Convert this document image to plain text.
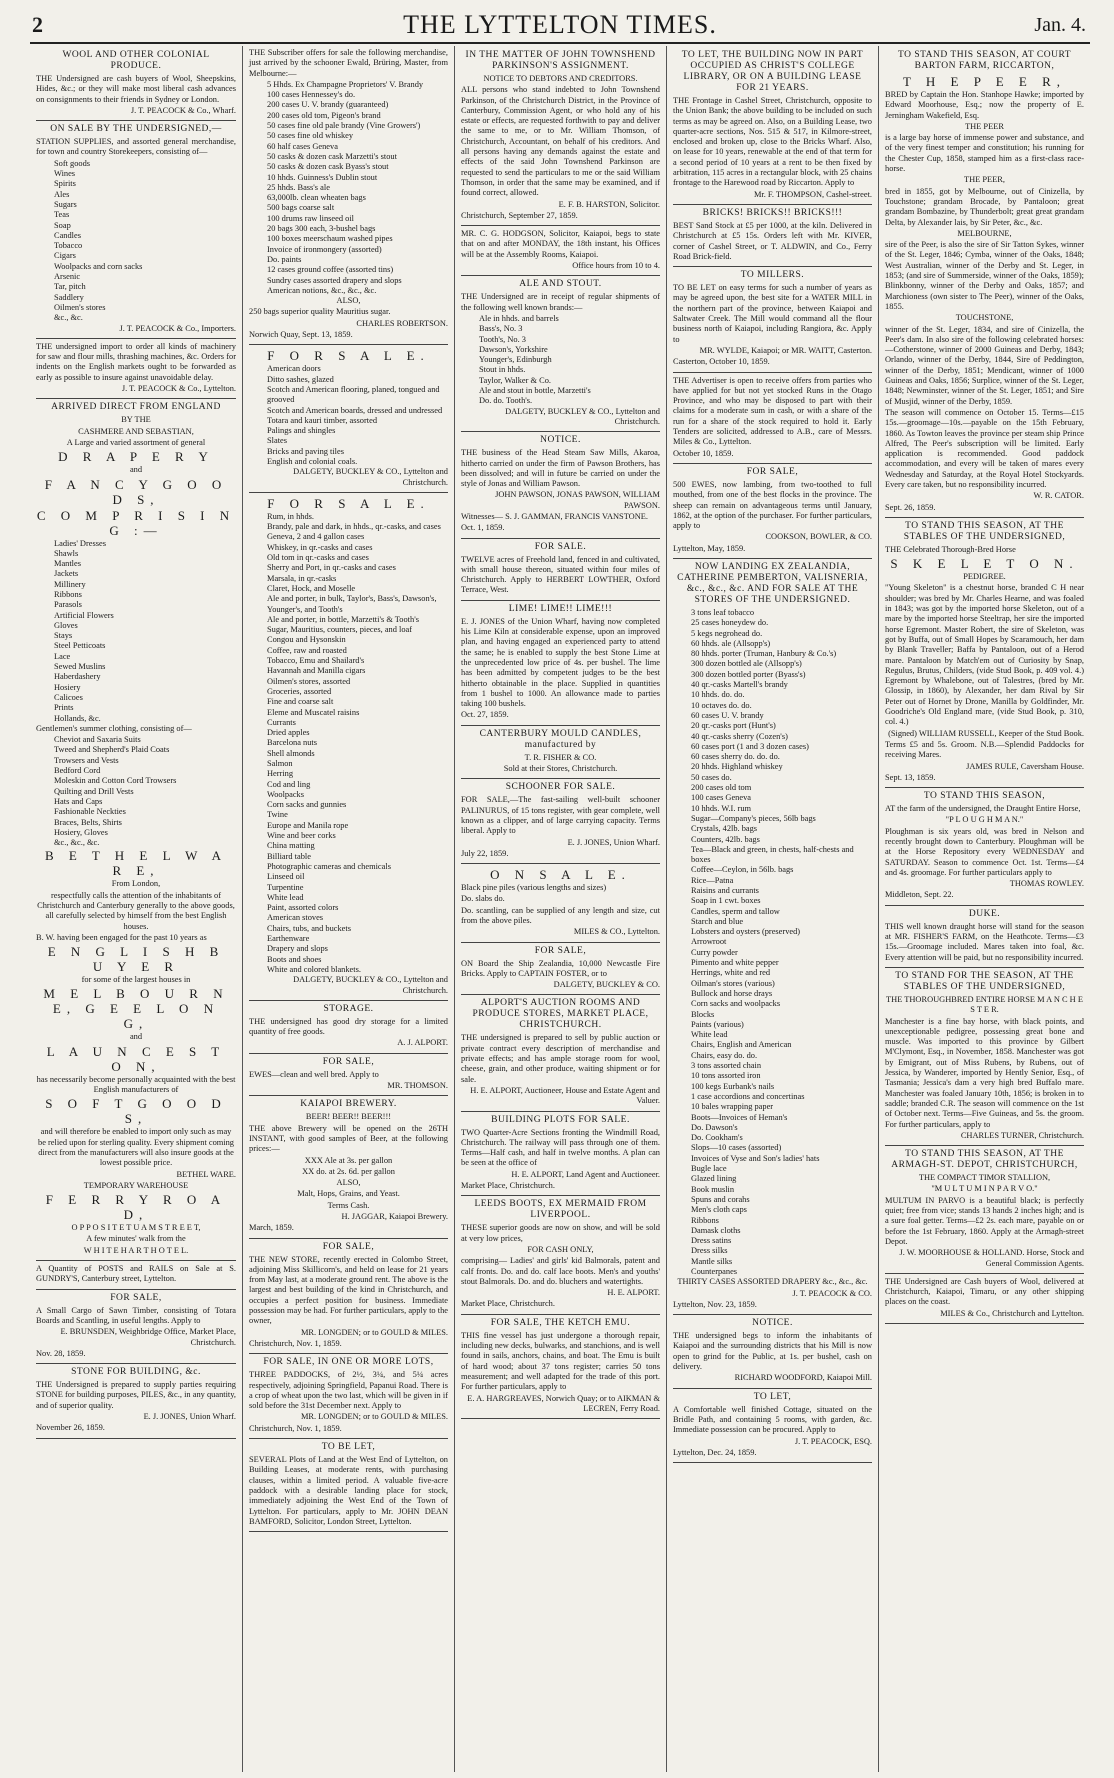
2	THE LYTTELTON TIMES.	Jan. 4.
WOOL AND OTHER COLONIAL PRODUCE.

THE Undersigned are cash buyers of Wool, Sheepskins, Hides, &c.; or they will make most liberal cash advances on consignments to their friends in Sydney or London.

J. T. PEACOCK & Co., Wharf.

ON SALE BY THE UNDERSIGNED,—

STATION SUPPLIES, and assorted general merchandise, for town and country Storekeepers, consisting of—

Soft goods
Wines
Spirits
Ales
Sugars
Teas
Soap
Candles
Tobacco
Cigars
Woolpacks and corn sacks
Arsenic
Tar, pitch
Saddlery
Oilmen's stores
&c., &c.

J. T. PEACOCK & Co., Importers.

THE undersigned import to order all kinds of machinery for saw and flour mills, thrashing machines, &c. Orders for indents on the English markets ought to be forwarded as early as possible to insure against unavoidable delay.

J. T. PEACOCK & Co., Lyttelton.

ARRIVED DIRECT FROM ENGLAND

BY THE

CASHMERE AND SEBASTIAN,

A Large and varied assortment of general

D R A P E R Y

and

F A N C Y G O O D S,

C O M P R I S I N G :—

Ladies' Dresses
Shawls
Mantles
Jackets
Millinery
Ribbons
Parasols
Artificial Flowers
Gloves
Stays
Steel Petticoats
Lace
Sewed Muslins
Haberdashery
Hosiery
Calicoes
Prints
Hollands, &c.

Gentlemen's summer clothing, consisting of—

Cheviot and Saxaria Suits
Tweed and Shepherd's Plaid Coats
Trowsers and Vests
Bedford Cord
Moleskin and Cotton Cord Trowsers
Quilting and Drill Vests
Hats and Caps
Fashionable Neckties
Braces, Belts, Shirts
Hosiery, Gloves
&c., &c., &c.

B E T H E L W A R E,

From London,

respectfully calls the attention of the inhabitants of Christchurch and Canterbury generally to the above goods, all carefully selected by himself from the best English houses.

B. W. having been engaged for the past 10 years as

E N G L I S H B U Y E R

for some of the largest houses in

M E L B O U R N E, G E E L O N G,

and

L A U N C E S T O N,

has necessarily become personally acquainted with the best English manufacturers of

S O F T G O O D S,

and will therefore be enabled to import only such as may be relied upon for sterling quality. Every shipment coming direct from the manufacturers will also insure goods at the lowest possible price.

BETHEL WARE.

TEMPORARY WAREHOUSE

F E R R Y R O A D,

O P P O S I T E T U A M S T R E E T,

A few minutes' walk from the

W H I T E H A R T H O T E L.

A Quantity of POSTS and RAILS on Sale at S. GUNDRY'S, Canterbury street, Lyttelton.

FOR SALE,

A Small Cargo of Sawn Timber, consisting of Totara Boards and Scantling, in useful lengths. Apply to

E. BRUNSDEN, Weighbridge Office, Market Place, Christchurch.

Nov. 28, 1859.

STONE FOR BUILDING, &c.

THE Undersigned is prepared to supply parties requiring STONE for building purposes, PILES, &c., in any quantity, and of superior quality.

E. J. JONES, Union Wharf.

November 26, 1859.

THE Subscriber offers for sale the following merchandise, just arrived by the schooner Ewald, Brüring, Master, from Melbourne:—

5 Hhds. Ex Champagne Proprietors' V. Brandy
100 cases Hennessey's do.
200 cases U. V. brandy (guaranteed)
200 cases old tom, Pigeon's brand
50 cases fine old pale brandy (Vine Growers')
50 cases fine old whiskey
60 half cases Geneva
50 casks & dozen cask Marzetti's stout
50 casks & dozen cask Byass's stout
10 hhds. Guinness's Dublin stout
25 hhds. Bass's ale
63,000lb. clean wheaten bags
500 bags coarse salt
100 drums raw linseed oil
20 bags 300 each, 3-bushel bags
100 boxes meerschaum washed pipes
Invoice of ironmongery (assorted)
Do. paints
12 cases ground coffee (assorted tins)
Sundry cases assorted drapery and slops
American notions, &c., &c., &c.

ALSO,

250 bags superior quality Mauritius sugar.

CHARLES ROBERTSON.

Norwich Quay, Sept. 13, 1859.

F O R S A L E.

American doors
Ditto sashes, glazed
Scotch and American flooring, planed, tongued and grooved
Scotch and American boards, dressed and undressed
Totara and kauri timber, assorted
Palings and shingles
Slates
Bricks and paving tiles
English and colonial coals.

DALGETY, BUCKLEY & CO., Lyttelton and Christchurch.

F O R S A L E.

Rum, in hhds.
Brandy, pale and dark, in hhds., qr.-casks, and cases
Geneva, 2 and 4 gallon cases
Whiskey, in qr.-casks and cases
Old tom in qr.-casks and cases
Sherry and Port, in qr.-casks and cases
Marsala, in qr.-casks
Claret, Hock, and Moselle
Ale and porter, in bulk, Taylor's, Bass's, Dawson's, Younger's, and Tooth's
Ale and porter, in bottle, Marzetti's & Tooth's
Sugar, Mauritius, counters, pieces, and loaf
Congou and Hysonskin
Coffee, raw and roasted
Tobacco, Emu and Shailard's
Havannah and Manilla cigars
Oilmen's stores, assorted
Groceries, assorted
Fine and coarse salt
Eleme and Muscatel raisins
Currants
Dried apples
Barcelona nuts
Shell almonds
Salmon
Herring
Cod and ling
Woolpacks
Corn sacks and gunnies
Twine
Europe and Manila rope
Wine and beer corks
China matting
Billiard table
Photographic cameras and chemicals
Linseed oil
Turpentine
White lead
Paint, assorted colors
American stoves
Chairs, tubs, and buckets
Earthenware
Drapery and slops
Boots and shoes
White and colored blankets.

DALGETY, BUCKLEY & CO., Lyttelton and Christchurch.

STORAGE.

THE undersigned has good dry storage for a limited quantity of free goods.

A. J. ALPORT.

FOR SALE,

EWES—clean and well bred. Apply to

MR. THOMSON.

KAIAPOI BREWERY.

BEER! BEER!! BEER!!!

THE above Brewery will be opened on the 26TH INSTANT, with good samples of Beer, at the following prices:—

XXX Ale at 3s. per gallon

XX do. at 2s. 6d. per gallon

ALSO,

Malt, Hops, Grains, and Yeast.

Terms Cash.

H. JAGGAR, Kaiapoi Brewery.

March, 1859.

FOR SALE,

THE NEW STORE, recently erected in Colombo Street, adjoining Miss Skillicorn's, and held on lease for 21 years from May last, at a moderate ground rent. The above is the largest and best building of the kind in Christchurch, and occupies a perfect position for business. Immediate possession may be had. For further particulars, apply to the owner,

MR. LONGDEN; or to GOULD & MILES.

Christchurch, Nov. 1, 1859.

FOR SALE, IN ONE OR MORE LOTS,

THREE PADDOCKS, of 2½, 3¼, and 5¼ acres respectively, adjoining Springfield, Papanui Road. There is a crop of wheat upon the two last, which will be given in if sold before the 31st December next. Apply to

MR. LONGDEN; or to GOULD & MILES.

Christchurch, Nov. 1, 1859.

TO BE LET,

SEVERAL Plots of Land at the West End of Lyttelton, on Building Leases, at moderate rents, with purchasing clauses, within a limited period. A valuable five-acre paddock with a desirable landing place for stock, immediately adjoining the West End of the Town of Lyttelton. For particulars, apply to Mr. JOHN DEAN BAMFORD, Solicitor, London Street, Lyttelton.

IN THE MATTER OF JOHN TOWNSHEND PARKINSON'S ASSIGNMENT.

NOTICE TO DEBTORS AND CREDITORS.

ALL persons who stand indebted to John Townshend Parkinson, of the Christchurch District, in the Province of Canterbury, Commission Agent, or who hold any of his estate or effects, are requested forthwith to pay and deliver the same to me, or to Mr. William Thomson, of Christchurch, Accountant, on behalf of his creditors. And all persons having any demands against the estate and effects of the said John Townshend Parkinson are requested to send the particulars to me or the said William Thomson, in order that the same may be examined, and if found correct, allowed.

E. F. B. HARSTON, Solicitor.

Christchurch, September 27, 1859.

MR. C. G. HODGSON, Solicitor, Kaiapoi, begs to state that on and after MONDAY, the 18th instant, his Offices will be at the Assembly Rooms, Kaiapoi.

Office hours from 10 to 4.

ALE AND STOUT.

THE Undersigned are in receipt of regular shipments of the following well known brands:—

Ale in hhds. and barrels
Bass's, No. 3
Tooth's, No. 3
Dawson's, Yorkshire
Younger's, Edinburgh
Stout in hhds.
Taylor, Walker & Co.
Ale and stout in bottle, Marzetti's
Do. do. Tooth's.

DALGETY, BUCKLEY & CO., Lyttelton and Christchurch.

NOTICE.

THE business of the Head Steam Saw Mills, Akaroa, hitherto carried on under the firm of Pawson Brothers, has been dissolved; and will in future be carried on under the style of Jonas and William Pawson.

JOHN PAWSON, JONAS PAWSON, WILLIAM PAWSON.

Witnesses— S. J. GAMMAN, FRANCIS VANSTONE.

Oct. 1, 1859.

FOR SALE.

TWELVE acres of Freehold land, fenced in and cultivated, with small house thereon, situated within four miles of Christchurch. Apply to HERBERT LOWTHER, Oxford Terrace, West.

LIME! LIME!! LIME!!!

E. J. JONES of the Union Wharf, having now completed his Lime Kiln at considerable expense, upon an improved plan, and having engaged an experienced party to attend the same; he is enabled to supply the best Stone Lime at the unprecedented low price of 4s. per bushel. The lime has been admitted by competent judges to be the best hitherto obtainable in the place. Supplied in quantities from 1 bushel to 1000. An allowance made to parties taking 100 bushels.

Oct. 27, 1859.

CANTERBURY MOULD CANDLES, manufactured by

T. R. FISHER & CO.

Sold at their Stores, Christchurch.

SCHOONER FOR SALE.

FOR SALE,—The fast-sailing well-built schooner PALINURUS, of 15 tons register, with gear complete, well known as a clipper, and of large carrying capacity. Terms liberal. Apply to

E. J. JONES, Union Wharf.

July 22, 1859.

O N S A L E.

Black pine piles (various lengths and sizes)

Do. slabs do.

Do. scantling, can be supplied of any length and size, cut from the above piles.

MILES & CO., Lyttelton.

FOR SALE,

ON Board the Ship Zealandia, 10,000 Newcastle Fire Bricks. Apply to CAPTAIN FOSTER, or to

DALGETY, BUCKLEY & CO.

ALPORT'S AUCTION ROOMS AND PRODUCE STORES, MARKET PLACE, CHRISTCHURCH.

THE undersigned is prepared to sell by public auction or private contract every description of merchandise and private effects; and has ample storage room for wool, cheese, grain, and other produce, waiting shipment or for sale.

H. E. ALPORT, Auctioneer, House and Estate Agent and Valuer.

BUILDING PLOTS FOR SALE.

TWO Quarter-Acre Sections fronting the Windmill Road, Christchurch. The railway will pass through one of them. Terms—Half cash, and half in twelve months. A plan can be seen at the office of

H. E. ALPORT, Land Agent and Auctioneer.

Market Place, Christchurch.

LEEDS BOOTS, EX MERMAID FROM LIVERPOOL.

THESE superior goods are now on show, and will be sold at very low prices,

FOR CASH ONLY,

comprising— Ladies' and girls' kid Balmorals, patent and calf fronts. Do. and do. calf lace boots. Men's and youths' stout Balmorals. Do. and do. bluchers and watertights.

H. E. ALPORT.

Market Place, Christchurch.

FOR SALE, THE KETCH EMU.

THIS fine vessel has just undergone a thorough repair, including new decks, bulwarks, and stanchions, and is well found in sails, anchors, chains, and boat. The Emu is built of hard wood; about 37 tons register; carries 50 tons measurement; and well adapted for the trade of this port. For further particulars, apply to

E. A. HARGREAVES, Norwich Quay; or to AIKMAN & LECREN, Ferry Road.

TO LET, THE BUILDING NOW IN PART OCCUPIED AS CHRIST'S COLLEGE LIBRARY, OR ON A BUILDING LEASE FOR 21 YEARS.

THE Frontage in Cashel Street, Christchurch, opposite to the Union Bank; the above building to be included on such terms as may be agreed on. Also, on a Building Lease, two quarter-acre sections, Nos. 515 & 517, in Kilmore-street, enclosed and broken up, close to the Bricks Wharf. Also, on lease for 10 years, renewable at the end of that term for a second period of 10 years at a rent to be then fixed by arbitration, 115 acres in a rectangular block, with 25 chains frontage to the Harewood road by Riccarton. Apply to

Mr. F. THOMPSON, Cashel-street.

BRICKS! BRICKS!! BRICKS!!!

BEST Sand Stock at £5 per 1000, at the kiln. Delivered in Christchurch at £5 15s. Orders left with Mr. KIVER, corner of Cashel Street, or T. ALDWIN, and Co., Ferry Road Brick-field.

TO MILLERS.

TO BE LET on easy terms for such a number of years as may be agreed upon, the best site for a WATER MILL in the northern part of the province, between Kaiapoi and Saltwater Creek. The Mill would command all the flour business north of Kaiapoi, including Rangiora, &c. Apply to

MR. WYLDE, Kaiapoi; or MR. WAITT, Casterton.

Casterton, October 10, 1859.

THE Advertiser is open to receive offers from parties who have applied for but not yet stocked Runs in the Otago Province, and who may be disposed to part with their claims for a moderate sum in cash, or with a share of the run for a share of the stock required to hold it. Early Tenders are solicited, addressed to A.B., care of Messrs. Miles & Co., Lyttelton.

October 10, 1859.

FOR SALE,

500 EWES, now lambing, from two-toothed to full mouthed, from one of the best flocks in the province. The sheep can remain on advantageous terms until January, 1862, at the option of the purchaser. For further particulars, apply to

COOKSON, BOWLER, & CO.

Lyttelton, May, 1859.

NOW LANDING EX ZEALANDIA, CATHERINE PEMBERTON, VALISNERIA, &c., &c., &c. AND FOR SALE AT THE STORES OF THE UNDERSIGNED.
3 tons leaf tobacco
25 cases honeydew do.
5 kegs negrohead do.
60 hhds. ale (Allsopp's)
80 hhds. porter (Truman, Hanbury & Co.'s)
300 dozen bottled ale (Allsopp's)
300 dozen bottled porter (Byass's)
40 qr.-casks Martell's brandy
10 hhds. do. do.
10 octaves do. do.
60 cases U. V. brandy
20 qr.-casks port (Hunt's)
40 qr.-casks sherry (Cozen's)
60 cases port (1 and 3 dozen cases)
60 cases sherry do. do. do.
20 hhds. Highland whiskey
50 cases do.
200 cases old tom
100 cases Geneva
10 hhds. W.I. rum
Sugar—Company's pieces, 56lb bags
Crystals, 42lb. bags
Counters, 42lb. bags
Tea—Black and green, in chests, half-chests and boxes
Coffee—Ceylon, in 56lb. bags
Rice—Patna
Raisins and currants
Soap in 1 cwt. boxes
Candles, sperm and tallow
Starch and blue
Lobsters and oysters (preserved)
Arrowroot
Curry powder
Pimento and white pepper
Herrings, white and red
Oilman's stores (various)
Bullock and horse drays
Corn sacks and woolpacks
Blocks
Paints (various)
White lead
Chairs, English and American
Chairs, easy do. do.
3 tons assorted chain
10 tons assorted iron
100 kegs Eurbank's nails
1 case accordions and concertinas
10 bales wrapping paper
Boots—Invoices of Heman's
Do. Dawson's
Do. Cookham's
Slops—10 cases (assorted)
Invoices of Vyse and Son's ladies' hats
Bugle lace
Glazed lining
Book muslin
Spuns and corahs
Men's cloth caps
Ribbons
Damask cloths
Dress satins
Dress silks
Mantle silks
Counterpanes

THIRTY CASES ASSORTED DRAPERY &c., &c., &c.

J. T. PEACOCK & CO.

Lyttelton, Nov. 23, 1859.

NOTICE.

THE undersigned begs to inform the inhabitants of Kaiapoi and the surrounding districts that his Mill is now open to grind for the Public, at 1s. per bushel, cash on delivery.

RICHARD WOODFORD, Kaiapoi Mill.

TO LET,

A Comfortable well finished Cottage, situated on the Bridle Path, and containing 5 rooms, with garden, &c. Immediate possession can be procured. Apply to

J. T. PEACOCK, ESQ.

Lyttelton, Dec. 24, 1859.

TO STAND THIS SEASON, AT COURT BARTON FARM, RICCARTON,

T H E P E E R,

BRED by Captain the Hon. Stanhope Hawke; imported by Edward Moorhouse, Esq.; now the property of E. Jerningham Wakefield, Esq.

THE PEER

is a large bay horse of immense power and substance, and of the very finest temper and constitution; his running for the Chester Cup, 1858, stamped him as a first-class race-horse.

THE PEER,

bred in 1855, got by Melbourne, out of Cinizella, by Touchstone; grandam Brocade, by Pantaloon; great grandam Bombazine, by Thunderbolt; great great grandam Delta, by Alexander lais, by Sir Peter, &c., &c.

MELBOURNE,

sire of the Peer, is also the sire of Sir Tatton Sykes, winner of the St. Leger, 1846; Cymba, winner of the Oaks, 1848; West Australian, winner of the Derby and St. Leger, in 1853; (and sire of Summerside, winner of the Oaks, 1859); Blinkbonny, winner of the Derby and Oaks, 1857; and Marchioness (own sister to The Peer), winner of the Oaks, 1855.

TOUCHSTONE,

winner of the St. Leger, 1834, and sire of Cinizella, the Peer's dam. In also sire of the following celebrated horses:—Cotherstone, winner of 2000 Guineas and Derby, 1843; Orlando, winner of the Derby, 1844, Sire of Peddington, winner of the Derby, 1851; Mendicant, winner of 1000 Guineas and Oaks, 1856; Surplice, winner of the St. Leger, 1848; Newminster, winner of the St. Leger, 1851; and Sire of Musjid, winner of the Derby, 1859.

The season will commence on October 15. Terms—£15 15s.—groomage—10s.—payable on the 15th February, 1860. As Towton leaves the province per steam ship Prince Alfred, The Peer's subscription will be limited. Early application is recommended. Good paddock accommodation, and every will be taken of mares every Wednesday and Saturday, at the Royal Hotel Stockyards. Every care taken, but no responsibility incurred.

W. R. CATOR.

Sept. 26, 1859.

TO STAND THIS SEASON, AT THE STABLES OF THE UNDERSIGNED,

THE Celebrated Thorough-Bred Horse

S K E L E T O N.

PEDIGREE.

"Young Skeleton" is a chestnut horse, branded C H near shoulder; was bred by Mr. Charles Hearne, and was foaled in 1843; was got by the imported horse Skeleton, out of a mare by the imported horse Steeltrap, her sire the imported horse Egremont. Master Robert, the sire of Skeleton, was got by Buffa, out of Small Hopes by Scaramouch, her dam by Blank Traveller; Baffa by Pantaloon, out of a Herod mare. Pantaloon by Match'em out of Curiosity by Snap, Regulus, Brutus, Childers, (vide Stud Book, p. 409 vol. 4.) Egremont by Whalebone, out of Talestres, (bred by Mr. Glossip, in 1860), by Alexander, her dam Rival by Sir Peter out of Hornet by Drone, Manilla by Goldfinder, Mr. Goodriche's Old England mare, (vide Stud Book, p. 310, col. 4.)

(Signed) WILLIAM RUSSELL, Keeper of the Stud Book.

Terms £5 and 5s. Groom. N.B.—Splendid Paddocks for receiving Mares.

JAMES RULE, Caversham House.

Sept. 13, 1859.

TO STAND THIS SEASON,

AT the farm of the undersigned, the Draught Entire Horse,

"P L O U G H M A N."

Ploughman is six years old, was bred in Nelson and recently brought down to Canterbury. Ploughman will be at the Horse Repository every WEDNESDAY and SATURDAY. Season to commence Oct. 1st. Terms—£4 and 4s. groomage. For further particulars apply to

THOMAS ROWLEY.

Middleton, Sept. 22.

DUKE.

THIS well known draught horse will stand for the season at MR. FISHER'S FARM, on the Heathcote. Terms—£3 15s.—Groomage included. Mares taken into foal, &c. Every attention will be paid, but no responsibility incurred.

TO STAND FOR THE SEASON, AT THE STABLES OF THE UNDERSIGNED,

THE THOROUGHBRED ENTIRE HORSE M A N C H E S T E R.

Manchester is a fine bay horse, with black points, and unexceptionable pedigree, possessing great bone and muscle. Was imported to this province by Gilbert M'Clymont, Esq., in November, 1858. Manchester was got by Emigrant, out of Miss Rubens, by Rubens, out of Jessica, by Wanderer, imported by Hently Senior, Esq., of Tasmania; Jessica's dam a very high bred Buffalo mare. Manchester was foaled January 10th, 1856; is broken in to saddle; branded C.R. The season will commence on the 1st of October next. Terms—Five Guineas, and 5s. the groom. For further particulars, apply to

CHARLES TURNER, Christchurch.

TO STAND THIS SEASON, AT THE ARMAGH-ST. DEPOT, CHRISTCHURCH,

THE COMPACT TIMOR STALLION,

"M U L T U M I N P A R V O."

MULTUM IN PARVO is a beautiful black; is perfectly quiet; free from vice; stands 13 hands 2 inches high; and is a sure foal getter. Terms—£2 2s. each mare, payable on or before the 1st February, 1860. Apply at the Armagh-street Depot.

J. W. MOORHOUSE & HOLLAND. Horse, Stock and General Commission Agents.

THE Undersigned are Cash buyers of Wool, delivered at Christchurch, Kaiapoi, Timaru, or any other shipping places on the coast.

MILES & Co., Christchurch and Lyttelton.
